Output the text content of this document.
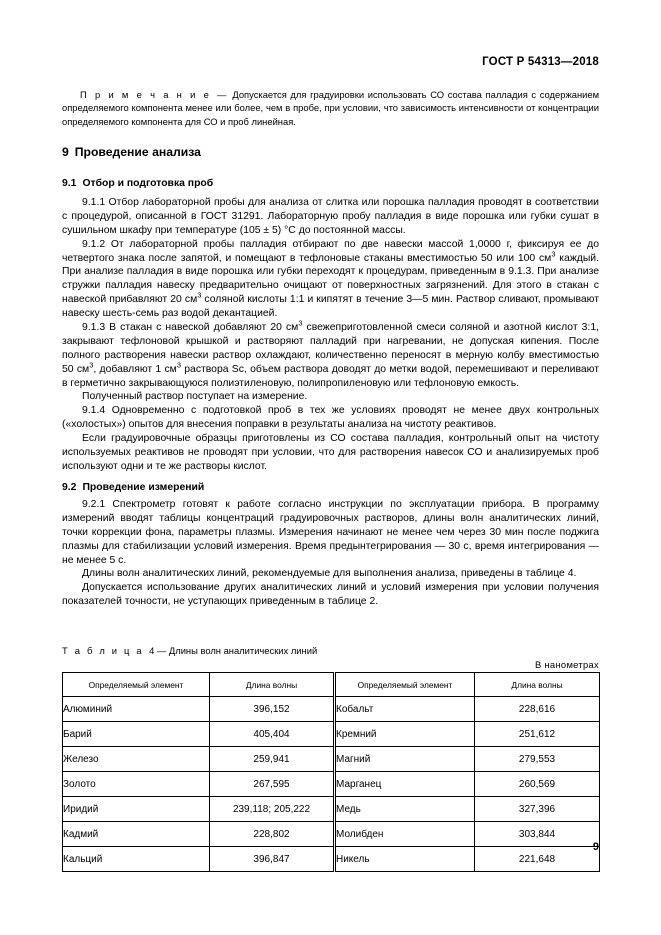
ГОСТ Р 54313—2018
П р и м е ч а н и е — Допускается для градуировки использовать СО состава палладия с содержанием определяемого компонента менее или более, чем в пробе, при условии, что зависимость интенсивности от концентрации определяемого компонента для СО и проб линейная.
9 Проведение анализа
9.1 Отбор и подготовка проб

9.1.1 Отбор лабораторной пробы для анализа от слитка или порошка палладия проводят в соответствии с процедурой, описанной в ГОСТ 31291. Лабораторную пробу палладия в виде порошка или губки сушат в сушильном шкафу при температуре (105 ± 5) °С до постоянной массы.

9.1.2 От лабораторной пробы палладия отбирают по две навески массой 1,0000 г, фиксируя ее до четвертого знака после запятой, и помещают в тефлоновые стаканы вместимостью 50 или 100 $см^3$ каждый. При анализе палладия в виде порошка или губки переходят к процедурам, приведенным в 9.1.3. При анализе стружки палладия навеску предварительно очищают от поверхностных загрязнений. Для этого в стакан с навеской прибавляют 20 $см^3$ соляной кислоты 1:1 и кипятят в течение 3—5 мин. Раствор сливают, промывают навеску шесть-семь раз водой декантацией.

9.1.3 В стакан с навеской добавляют 20 $см^3$ свежеприготовленной смеси соляной и азотной кислот 3:1, закрывают тефлоновой крышкой и растворяют палладий при нагревании, не допуская кипения. После полного растворения навески раствор охлаждают, количественно переносят в мерную колбу вместимостью 50 $см^3$, добавляют 1 $см^3$ раствора Sc, объем раствора доводят до метки водой, перемешивают и переливают в герметично закрывающуюся полиэтиленовую, полипропиленовую или тефлоновую емкость.

Полученный раствор поступает на измерение.

9.1.4 Одновременно с подготовкой проб в тех же условиях проводят не менее двух контрольных («холостых») опытов для внесения поправки в результаты анализа на чистоту реактивов.

Если градуировочные образцы приготовлены из СО состава палладия, контрольный опыт на чистоту используемых реактивов не проводят при условии, что для растворения навесок СО и анализируемых проб используют одни и те же растворы кислот.

9.2 Проведение измерений

9.2.1 Спектрометр готовят к работе согласно инструкции по эксплуатации прибора. В программу измерений вводят таблицы концентраций градуировочных растворов, длины волн аналитических линий, точки коррекции фона, параметры плазмы. Измерения начинают не менее чем через 30 мин после поджига плазмы для стабилизации условий измерения. Время предынтегрирования — 30 с, время интегрирования — не менее 5 с.

Длины волн аналитических линий, рекомендуемые для выполнения анализа, приведены в таблице 4.

Допускается использование других аналитических линий и условий измерения при условии получения показателей точности, не уступающих приведенным в таблице 2.

Т а б л и ц а 4 — Длины волн аналитических линий
В нанометрах
Определяемый элемент	Длина волны	Определяемый элемент	Длина волны
Алюминий	396,152	Кобальт	228,616
Барий	405,404	Кремний	251,612
Железо	259,941	Магний	279,553
Золото	267,595	Марганец	260,569
Иридий	239,118; 205,222	Медь	327,396
Кадмий	228,802	Молибден	303,844
Кальций	396,847	Никель	221,648
9
